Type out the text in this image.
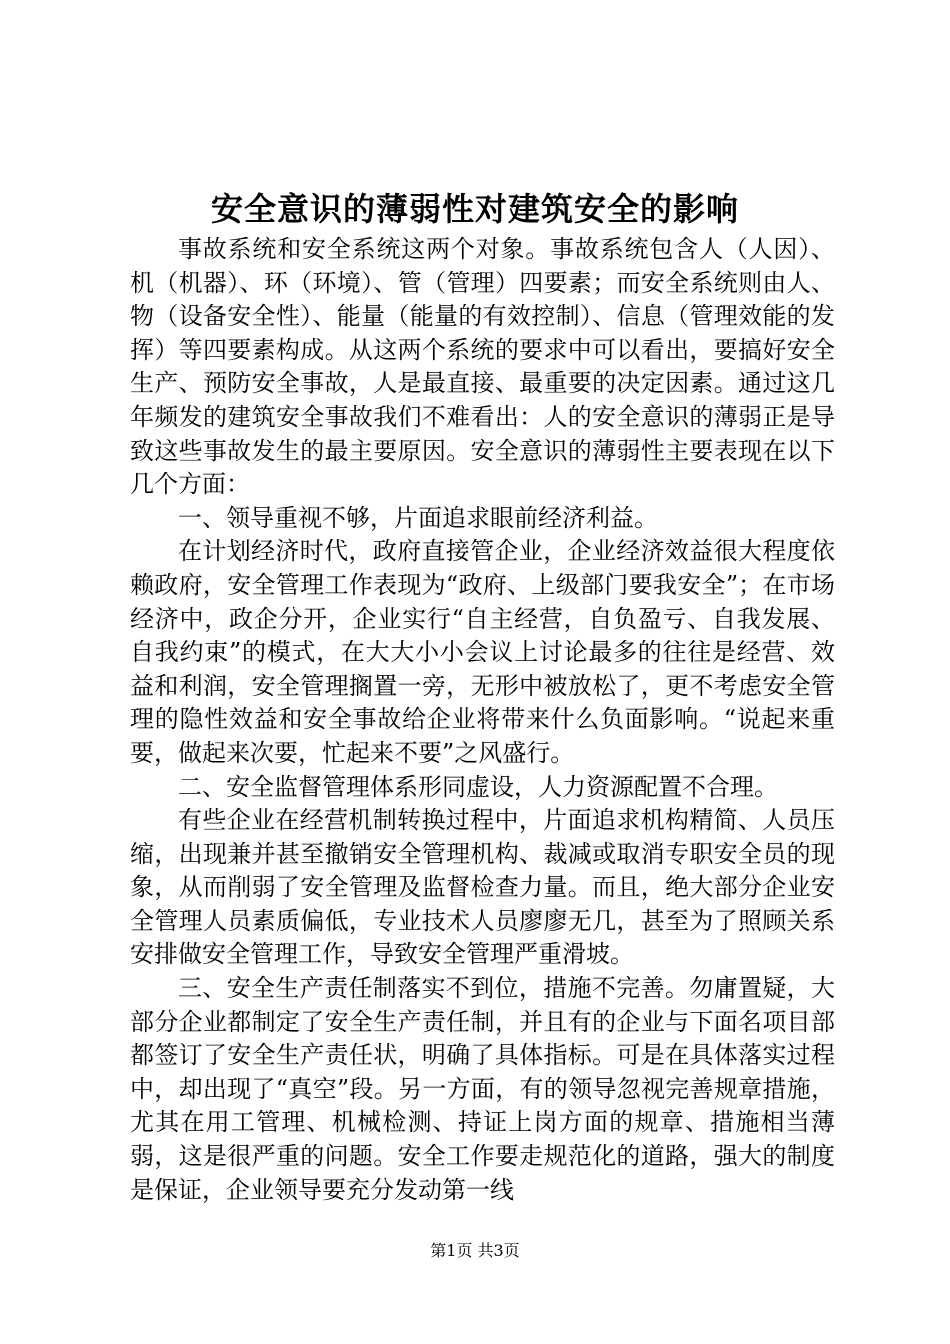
安全意识的薄弱性对建筑安全的影响

事故系统和安全系统这两个对象。事故系统包含人（人因）、机（机器）、环（环境）、管（管理）四要素；而安全系统则由人、物（设备安全性）、能量（能量的有效控制）、信息（管理效能的发挥）等四要素构成。从这两个系统的要求中可以看出，要搞好安全生产、预防安全事故，人是最直接、最重要的决定因素。通过这几年频发的建筑安全事故我们不难看出：人的安全意识的薄弱正是导致这些事故发生的最主要原因。安全意识的薄弱性主要表现在以下几个方面：

一、领导重视不够，片面追求眼前经济利益。

在计划经济时代，政府直接管企业，企业经济效益很大程度依赖政府，安全管理工作表现为“政府、上级部门要我安全”；在市场经济中，政企分开，企业实行“自主经营，自负盈亏、自我发展、自我约束”的模式，在大大小小会议上讨论最多的往往是经营、效益和利润，安全管理搁置一旁，无形中被放松了，更不考虑安全管理的隐性效益和安全事故给企业将带来什么负面影响。“说起来重要，做起来次要，忙起来不要”之风盛行。

二、安全监督管理体系形同虚设，人力资源配置不合理。

有些企业在经营机制转换过程中，片面追求机构精简、人员压缩，出现兼并甚至撤销安全管理机构、裁减或取消专职安全员的现象，从而削弱了安全管理及监督检查力量。而且，绝大部分企业安全管理人员素质偏低，专业技术人员廖廖无几，甚至为了照顾关系安排做安全管理工作，导致安全管理严重滑坡。

三、安全生产责任制落实不到位，措施不完善。勿庸置疑，大部分企业都制定了安全生产责任制，并且有的企业与下面名项目部都签订了安全生产责任状，明确了具体指标。可是在具体落实过程中，却出现了“真空”段。另一方面，有的领导忽视完善规章措施，尤其在用工管理、机械检测、持证上岗方面的规章、措施相当薄弱，这是很严重的问题。安全工作要走规范化的道路，强大的制度是保证，企业领导要充分发动第一线

第1页 共3页
